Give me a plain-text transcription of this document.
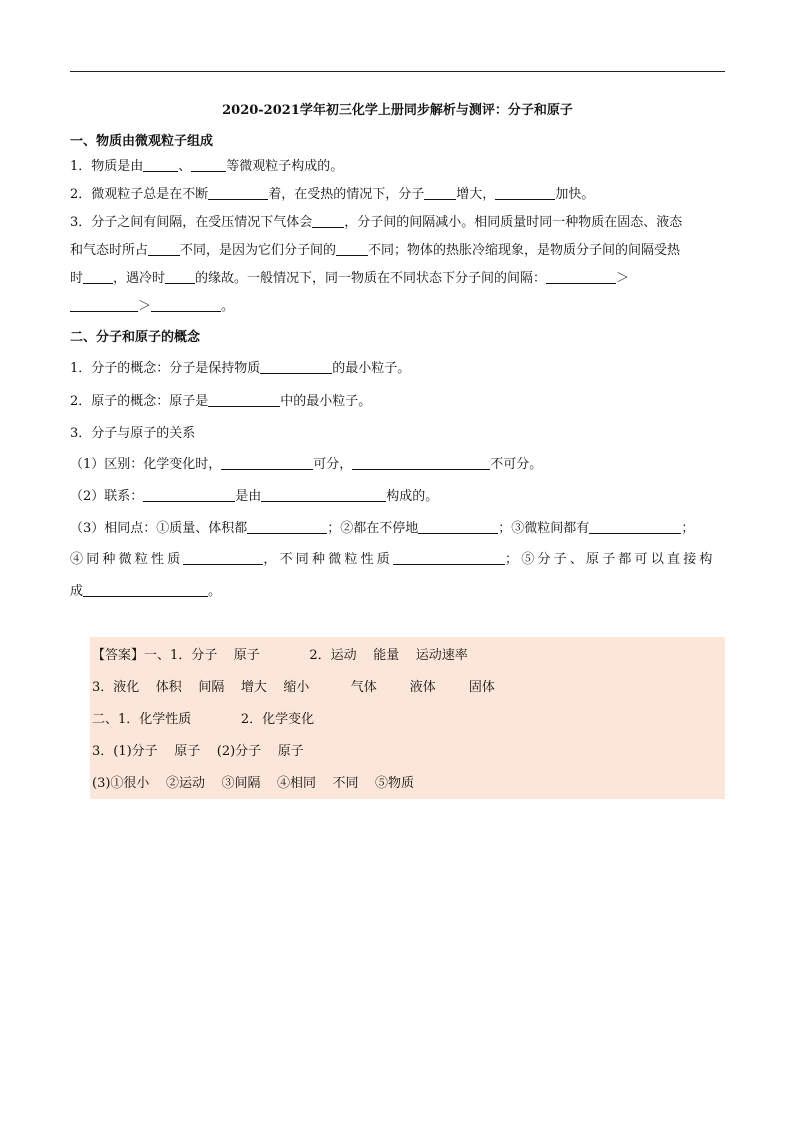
2020-2021学年初三化学上册同步解析与测评：分子和原子
一、物质由微观粒子组成
1．物质是由	、	等微观粒子构成的。
2．微观粒子总是在不断	着，在受热的情况下，分子 增大，	加快。
3．分子之间有间隔，在受压情况下气体会 ，分子间的间隔减小。相同质量时同一种物质在固态、液态
和气态时所占 不同，是因为它们分子间的 不同；物体的热胀冷缩现象，是物质分子间的间隔受热
时 ，遇冷时 的缘故。一般情况下，同一物质在不同状态下分子间的间隔：	＞
＞	。
二、分子和原子的概念
1．分子的概念：分子是保持物质	的最小粒子。
2．原子的概念：原子是	中的最小粒子。
3．分子与原子的关系
（1）区别：化学变化时，	可分，	不可分。
（2）联系：	是由	构成的。
（3）相同点：①质量、体积都	；②都在不停地	；③微粒间都有	；
④同种微粒性质	，不同种微粒性质	；⑤分子、原子都可以直接构
成	。
【答案】一、1．分子    原子            2．运动    能量    运动速率
3．液化    体积    间隔    增大    缩小          气体        液体        固体
二、1．化学性质            2．化学变化
3．(1)分子    原子    (2)分子    原子
(3)①很小    ②运动    ③间隔    ④相同    不同    ⑤物质
